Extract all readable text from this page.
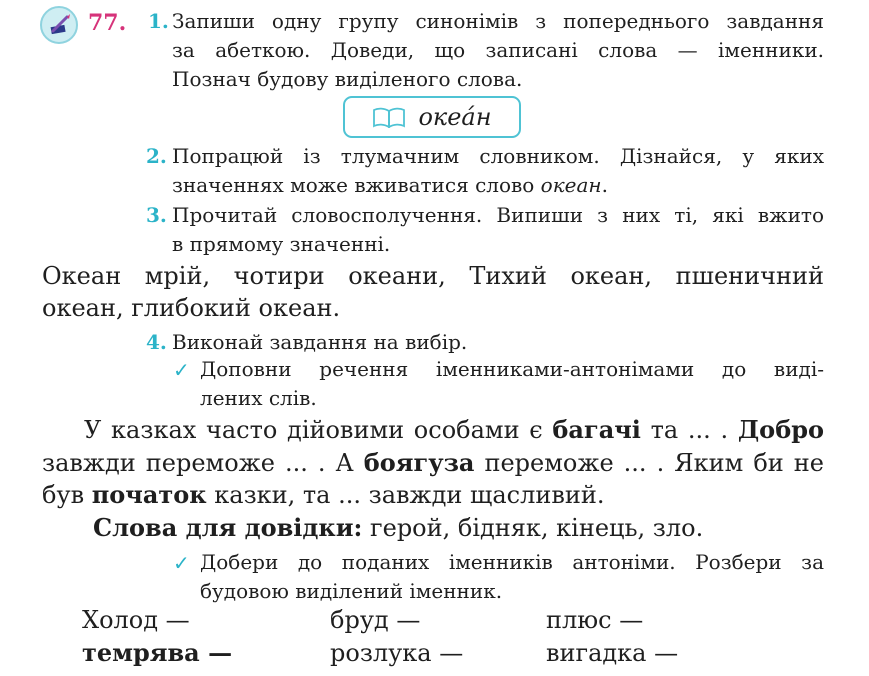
77. 1. Запиши одну групу синонімів з попереднього завдання
за абеткою. Доведи, що записані слова — іменники.
Познач будову виділеного слова.
океа́н
2. Попрацюй із тлумачним словником. Дізнайся, у яких
значеннях може вживатися слово океан.
3. Прочитай словосполучення. Випиши з них ті, які вжито
в прямому значенні.
Океан мрій, чотири океани, Тихий океан, пшеничний
океан, глибокий океан.
4. Виконай завдання на вибір.
✓ Доповни речення іменниками-антонімами до виді-
лених слів.
У казках часто дійовими особами є багачі та ... . Добро
завжди переможе ... . А боягуза переможе ... . Яким би не
був початок казки, та ... завжди щасливий.
Слова для довідки: герой, бідняк, кінець, зло.
✓ Добери до поданих іменників антоніми. Розбери за
будовою виділений іменник.
Холод —	бруд —	плюс —
темрява —	розлука —	вигадка —
